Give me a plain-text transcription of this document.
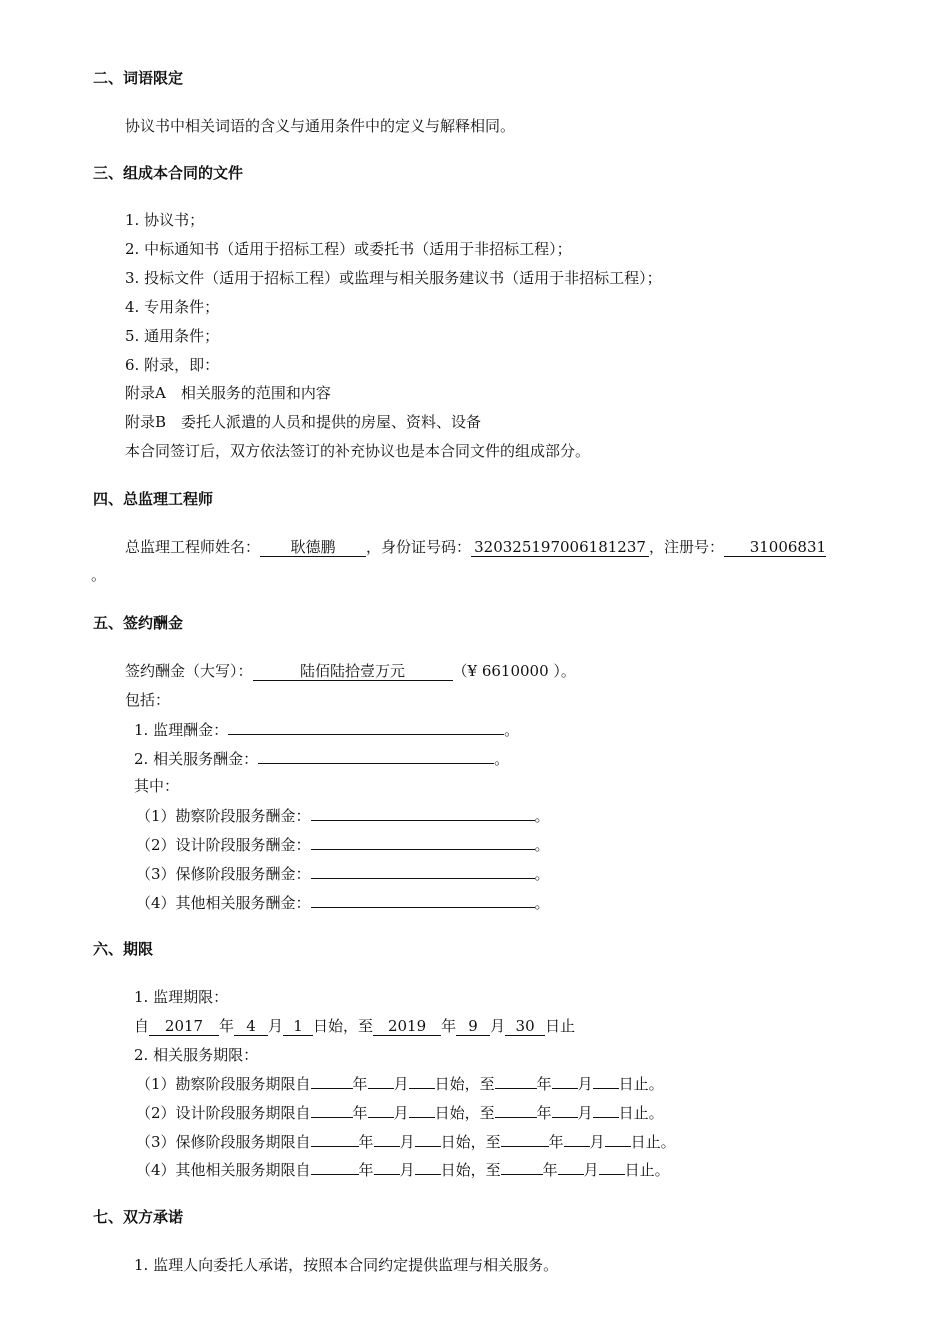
二、词语限定
协议书中相关词语的含义与通用条件中的定义与解释相同。
三、组成本合同的文件
1. 协议书；
2. 中标通知书（适用于招标工程）或委托书（适用于非招标工程）；
3. 投标文件（适用于招标工程）或监理与相关服务建议书（适用于非招标工程）；
4. 专用条件；
5. 通用条件；
6. 附录，即：
附录A　相关服务的范围和内容
附录B　委托人派遣的人员和提供的房屋、资料、设备
本合同签订后，双方依法签订的补充协议也是本合同文件的组成部分。
四、总监理工程师
总监理工程师姓名： 耿德鹏 ，身份证号码： 320325197006181237 ，注册号： 31006831
。
五、签约酬金
签约酬金（大写）：	陆佰陆拾壹万元	（¥ 6610000 ）。
包括：
1. 监理酬金：	。
2. 相关服务酬金：	。
其中：
（1）勘察阶段服务酬金：	。
（2）设计阶段服务酬金：	。
（3）保修阶段服务酬金：	。
（4）其他相关服务酬金：	。
六、期限
1. 监理期限：
自 2017 年 4 月 1 日始，至 2019 年 9 月 30 日止
2. 相关服务期限：
（1）勘察阶段服务期限自	年 月 日始，至	年 月 日止。
（2）设计阶段服务期限自	年 月 日始，至	年 月 日止。
（3）保修阶段服务期限自	年 月 日始，至	年 月 日止。
（4）其他相关服务期限自	年 月 日始，至	年 月 日止。
七、双方承诺
1. 监理人向委托人承诺，按照本合同约定提供监理与相关服务。
